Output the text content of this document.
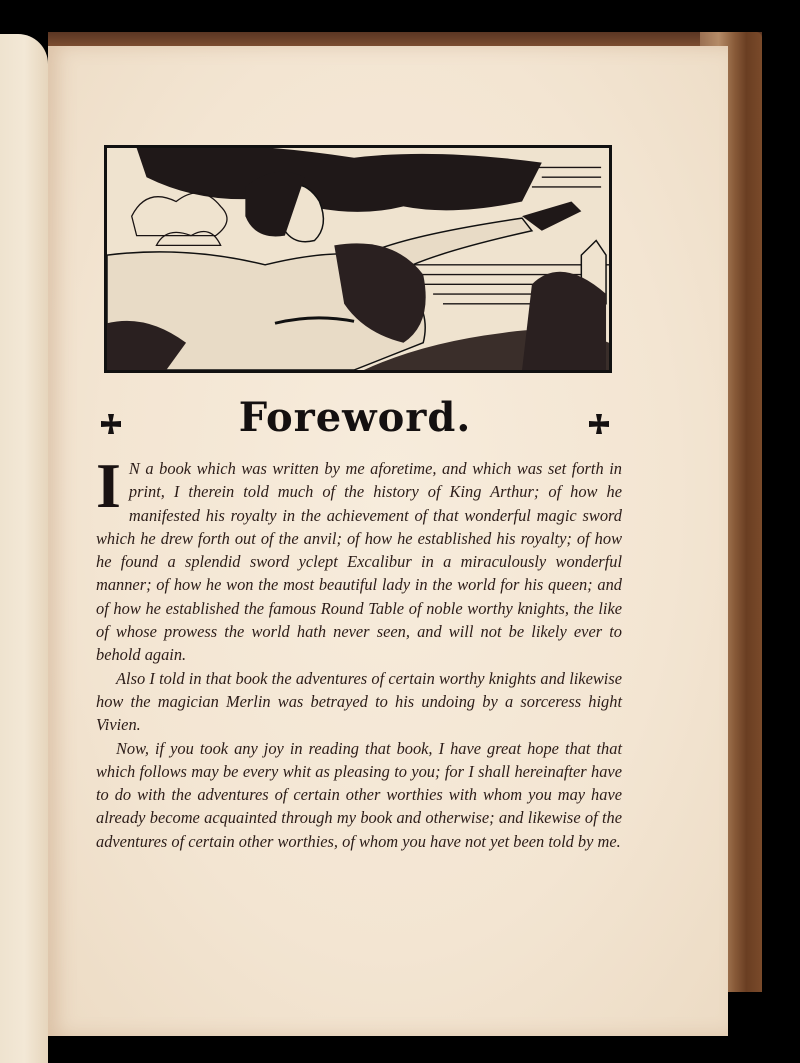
Foreword.

I N a book which was written by me aforetime, and which was set forth in print, I therein told much of the history of King Arthur; of how he manifested his royalty in the achievement of that wonderful magic sword which he drew forth out of the anvil; of how he established his royalty; of how he found a splendid sword yclept Excalibur in a miraculously wonderful manner; of how he won the most beautiful lady in the world for his queen; and of how he established the famous Round Table of noble worthy knights, the like of whose prowess the world hath never seen, and will not be likely ever to behold again.

Also I told in that book the adventures of certain worthy knights and likewise how the magician Merlin was betrayed to his undoing by a sorceress hight Vivien.

Now, if you took any joy in reading that book, I have great hope that that which follows may be every whit as pleasing to you; for I shall hereinafter have to do with the adventures of certain other worthies with whom you may have already become acquainted through my book and otherwise; and likewise of the adventures of certain other worthies, of whom you have not yet been told by me.
